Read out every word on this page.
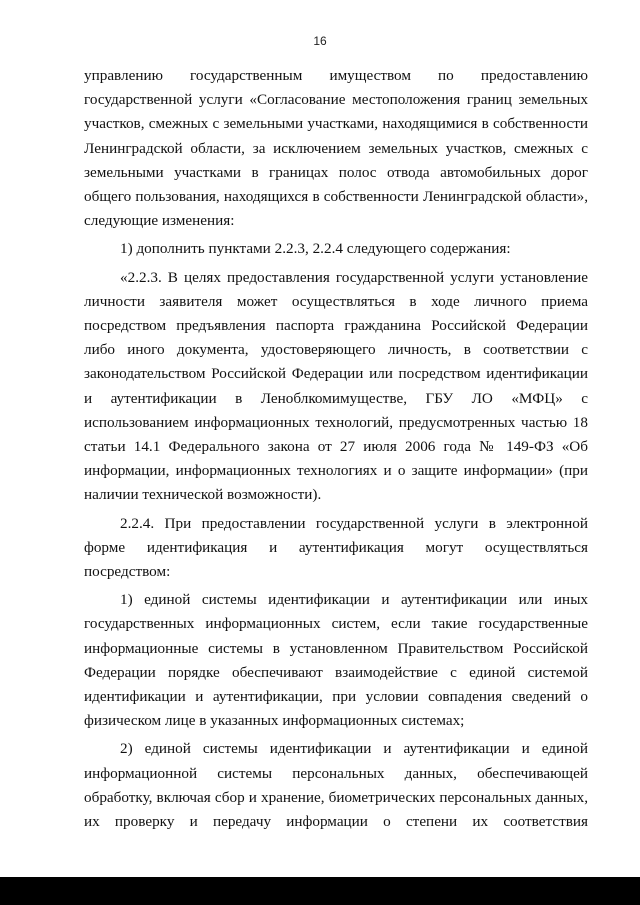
16

управлению государственным имуществом по предоставлению государственной услуги «Согласование местоположения границ земельных участков, смежных с земельными участками, находящимися в собственности Ленинградской области, за исключением земельных участков, смежных с земельными участками в границах полос отвода автомобильных дорог общего пользования, находящихся в собственности Ленинградской области», следующие изменения:

1) дополнить пунктами 2.2.3, 2.2.4 следующего содержания:

«2.2.3. В целях предоставления государственной услуги установление личности заявителя может осуществляться в ходе личного приема посредством предъявления паспорта гражданина Российской Федерации либо иного документа, удостоверяющего личность, в соответствии с законодательством Российской Федерации или посредством идентификации и аутентификации в Леноблкомимуществе, ГБУ ЛО «МФЦ» с использованием информационных технологий, предусмотренных частью 18 статьи 14.1 Федерального закона от 27 июля 2006 года № 149-ФЗ «Об информации, информационных технологиях и о защите информации» (при наличии технической возможности).

2.2.4. При предоставлении государственной услуги в электронной форме идентификация и аутентификация могут осуществляться посредством:

1) единой системы идентификации и аутентификации или иных государственных информационных систем, если такие государственные информационные системы в установленном Правительством Российской Федерации порядке обеспечивают взаимодействие с единой системой идентификации и аутентификации, при условии совпадения сведений о физическом лице в указанных информационных системах;

2) единой системы идентификации и аутентификации и единой информационной системы персональных данных, обеспечивающей обработку, включая сбор и хранение, биометрических персональных данных, их проверку и передачу информации о степени их соответствия
